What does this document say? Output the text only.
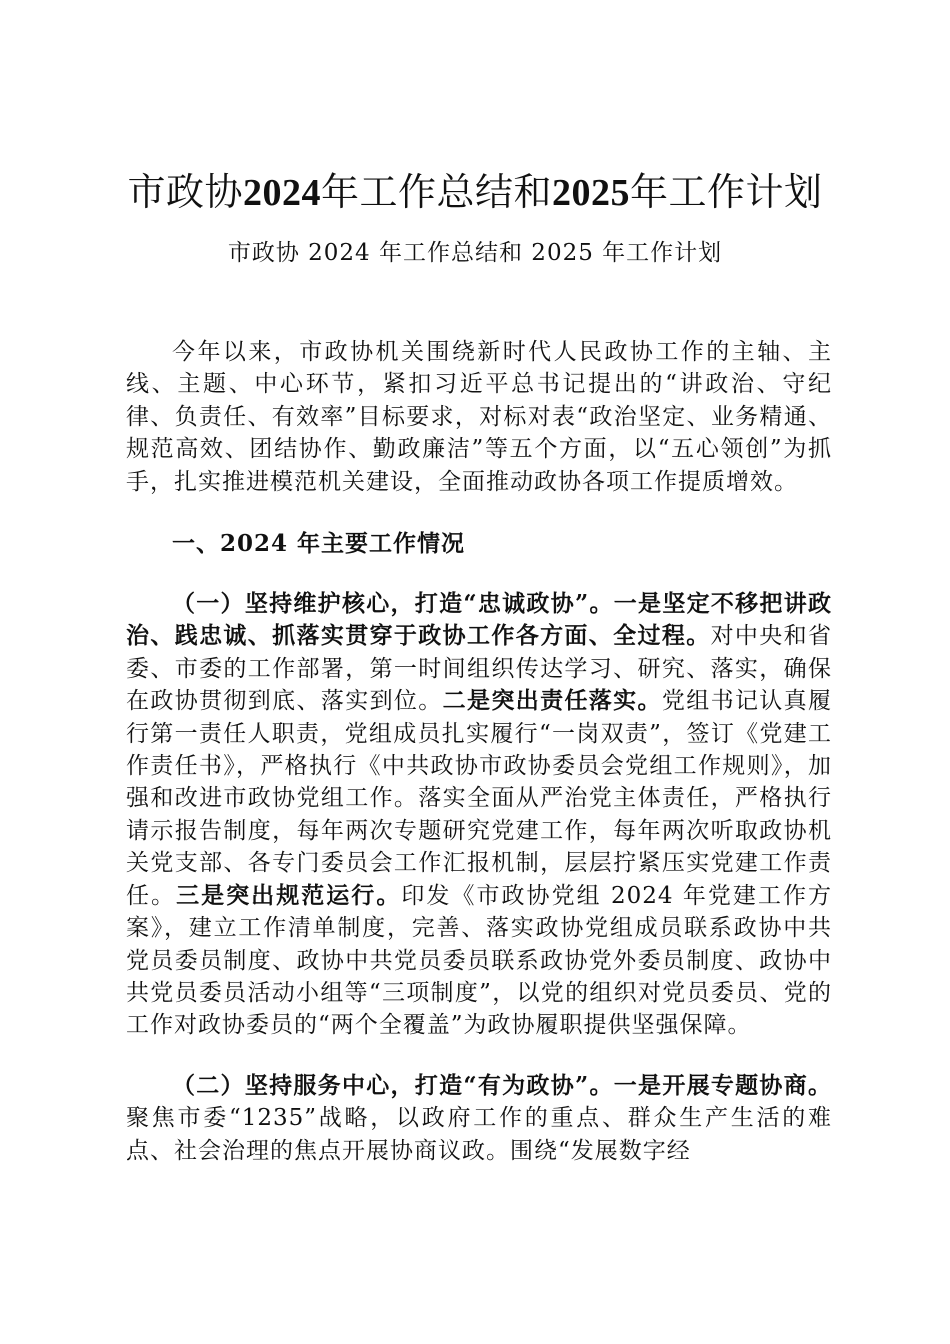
市政协2024年工作总结和2025年工作计划
市政协 2024 年工作总结和 2025 年工作计划

今年以来，市政协机关围绕新时代人民政协工作的主轴、主线、主题、中心环节，紧扣习近平总书记提出的“讲政治、守纪律、负责任、有效率”目标要求，对标对表“政治坚定、业务精通、规范高效、团结协作、勤政廉洁”等五个方面，以“五心领创”为抓手，扎实推进模范机关建设，全面推动政协各项工作提质增效。

一、2024 年主要工作情况

（一）坚持维护核心，打造“忠诚政协”。一是坚定不移把讲政治、践忠诚、抓落实贯穿于政协工作各方面、全过程。对中央和省委、市委的工作部署，第一时间组织传达学习、研究、落实，确保在政协贯彻到底、落实到位。二是突出责任落实。党组书记认真履行第一责任人职责，党组成员扎实履行“一岗双责”，签订《党建工作责任书》，严格执行《中共政协市政协委员会党组工作规则》，加强和改进市政协党组工作。落实全面从严治党主体责任，严格执行请示报告制度，每年两次专题研究党建工作，每年两次听取政协机关党支部、各专门委员会工作汇报机制，层层拧紧压实党建工作责任。三是突出规范运行。印发《市政协党组 2024 年党建工作方案》，建立工作清单制度，完善、落实政协党组成员联系政协中共党员委员制度、政协中共党员委员联系政协党外委员制度、政协中共党员委员活动小组等“三项制度”，以党的组织对党员委员、党的工作对政协委员的“两个全覆盖”为政协履职提供坚强保障。

（二）坚持服务中心，打造“有为政协”。一是开展专题协商。聚焦市委“1235”战略，以政府工作的重点、群众生产生活的难点、社会治理的焦点开展协商议政。围绕“发展数字经
